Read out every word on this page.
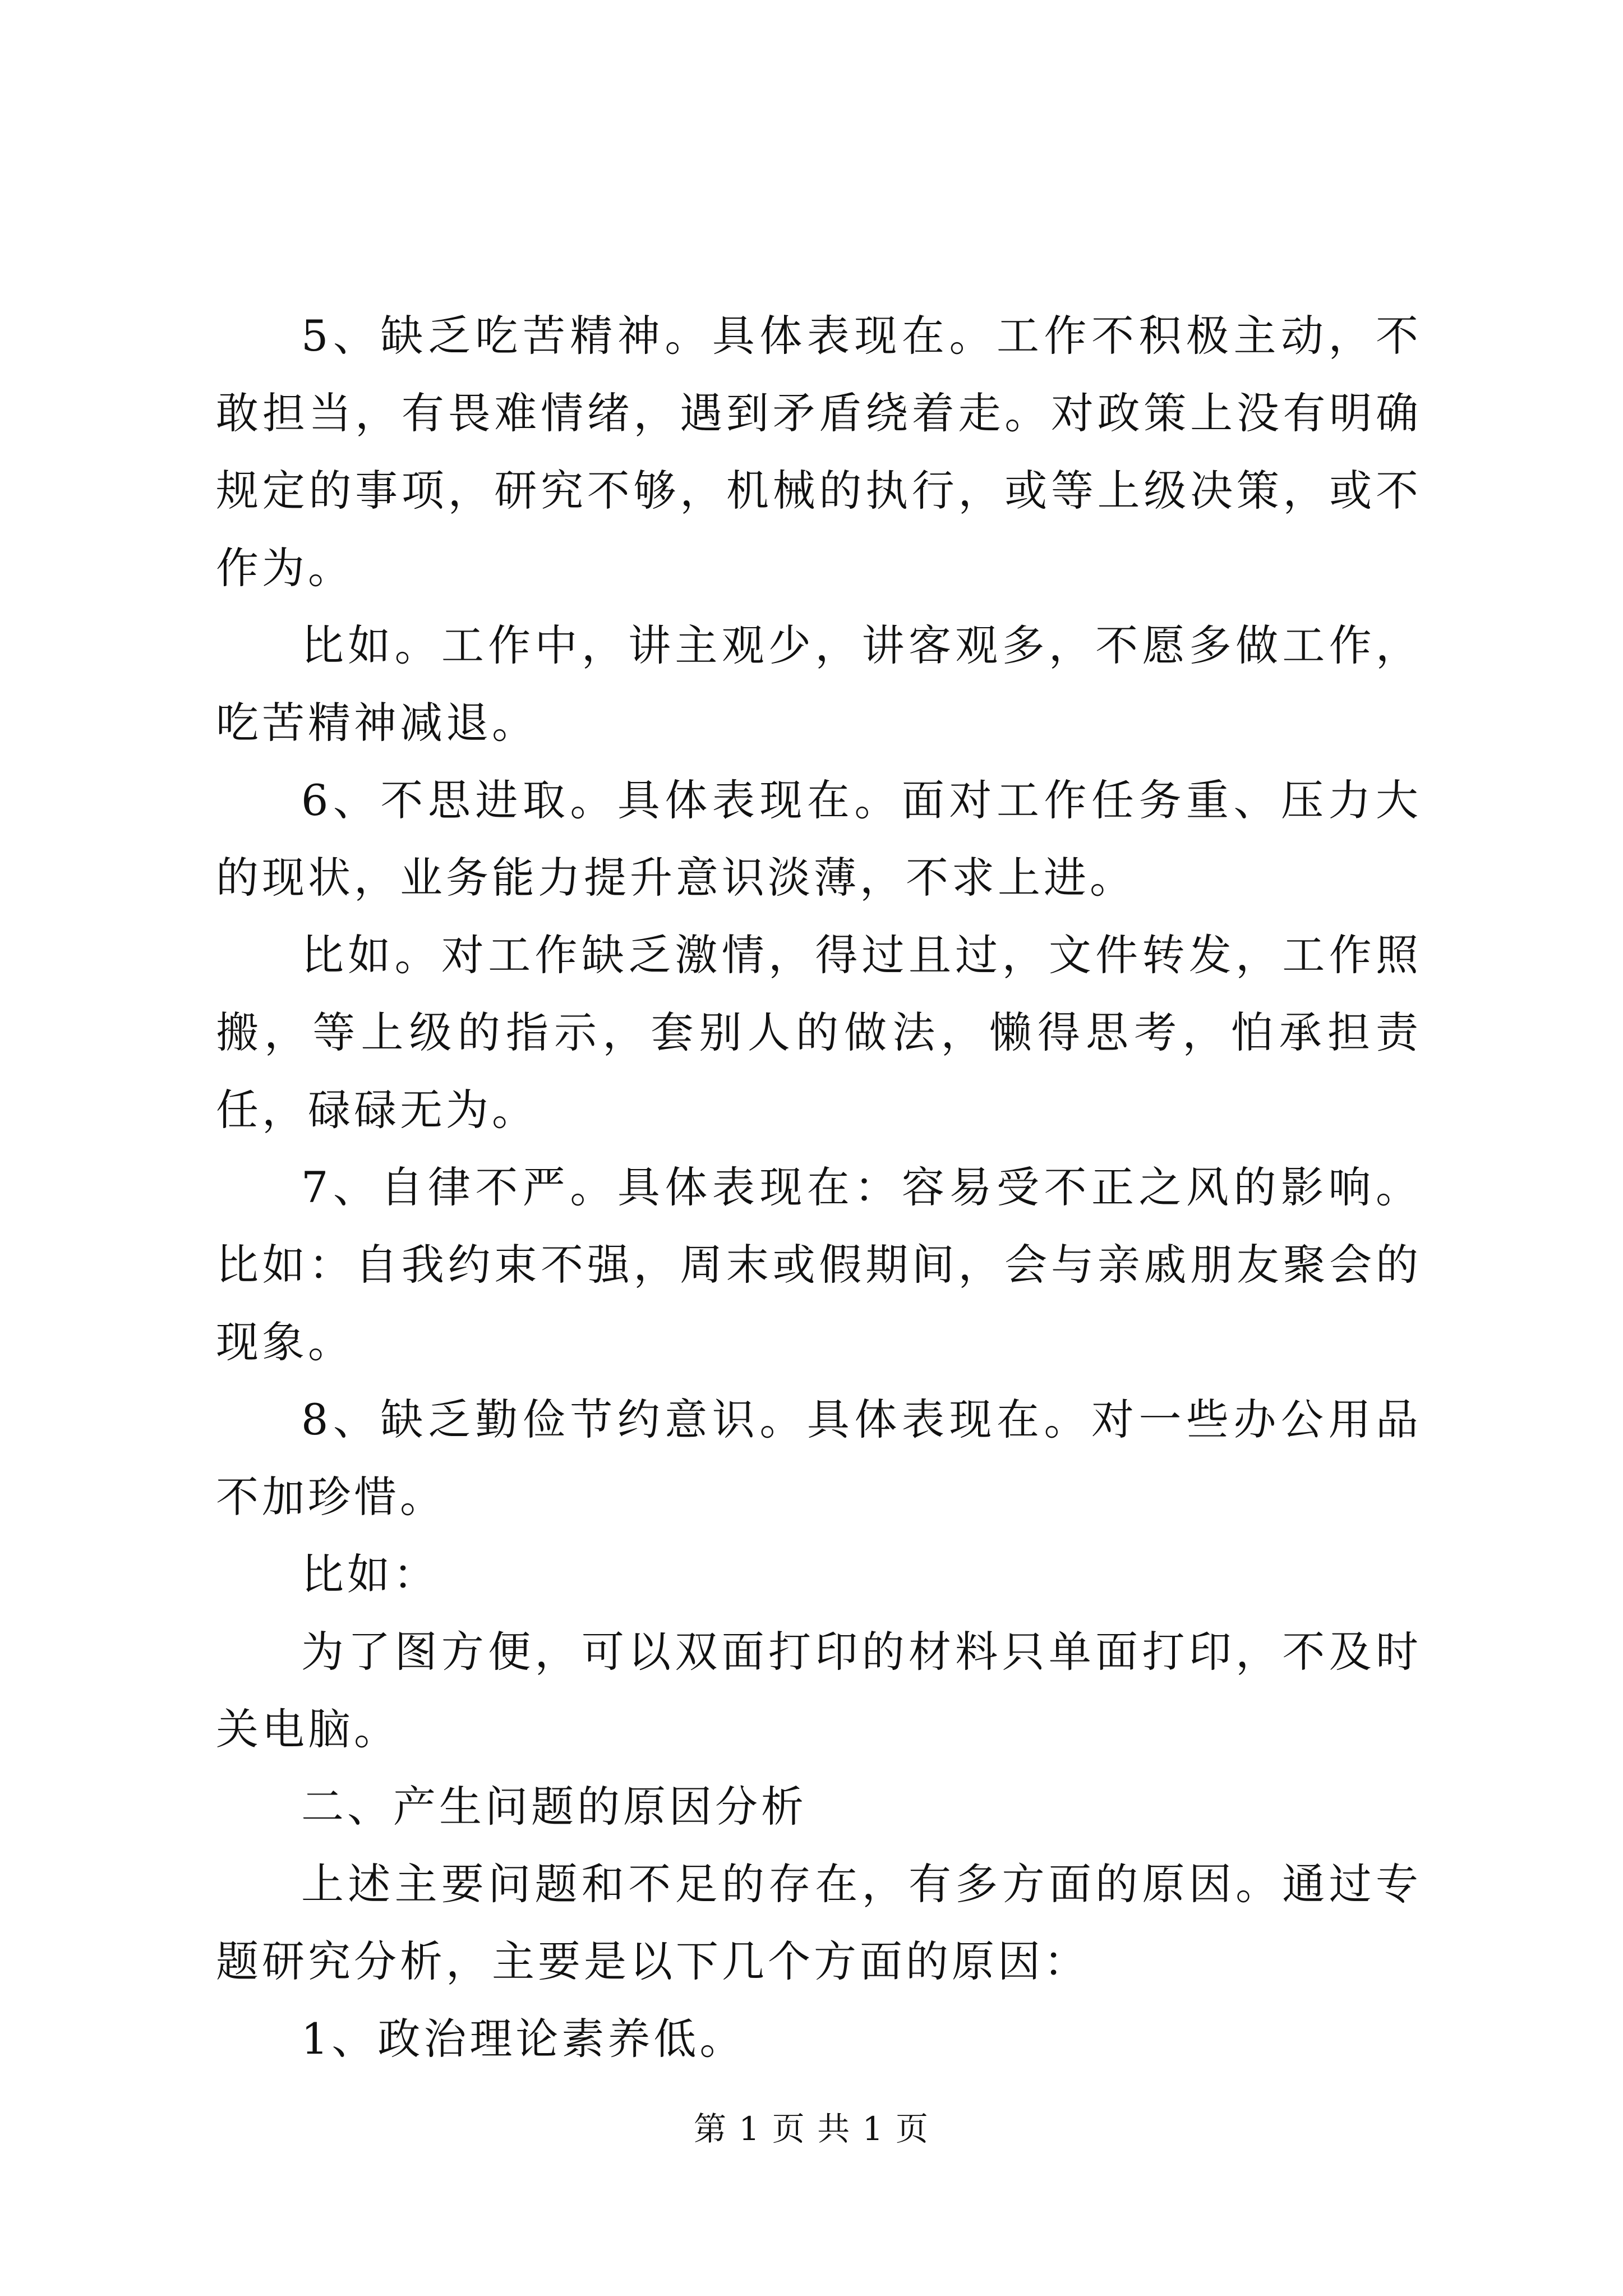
5、缺乏吃苦精神。具体表现在。工作不积极主动，不敢担当，有畏难情绪，遇到矛盾绕着走。对政策上没有明确规定的事项，研究不够，机械的执行，或等上级决策，或不作为。

比如。工作中，讲主观少，讲客观多，不愿多做工作，吃苦精神减退。

6、不思进取。具体表现在。面对工作任务重、压力大的现状，业务能力提升意识淡薄，不求上进。

比如。对工作缺乏激情，得过且过，文件转发，工作照搬，等上级的指示，套别人的做法，懒得思考，怕承担责任，碌碌无为。

7、自律不严。具体表现在：容易受不正之风的影响。比如：自我约束不强，周末或假期间，会与亲戚朋友聚会的现象。

8、缺乏勤俭节约意识。具体表现在。对一些办公用品不加珍惜。

比如：

为了图方便，可以双面打印的材料只单面打印，不及时关电脑。

二、产生问题的原因分析

上述主要问题和不足的存在，有多方面的原因。通过专题研究分析，主要是以下几个方面的原因：

1、政治理论素养低。

第 1 页 共 1 页
